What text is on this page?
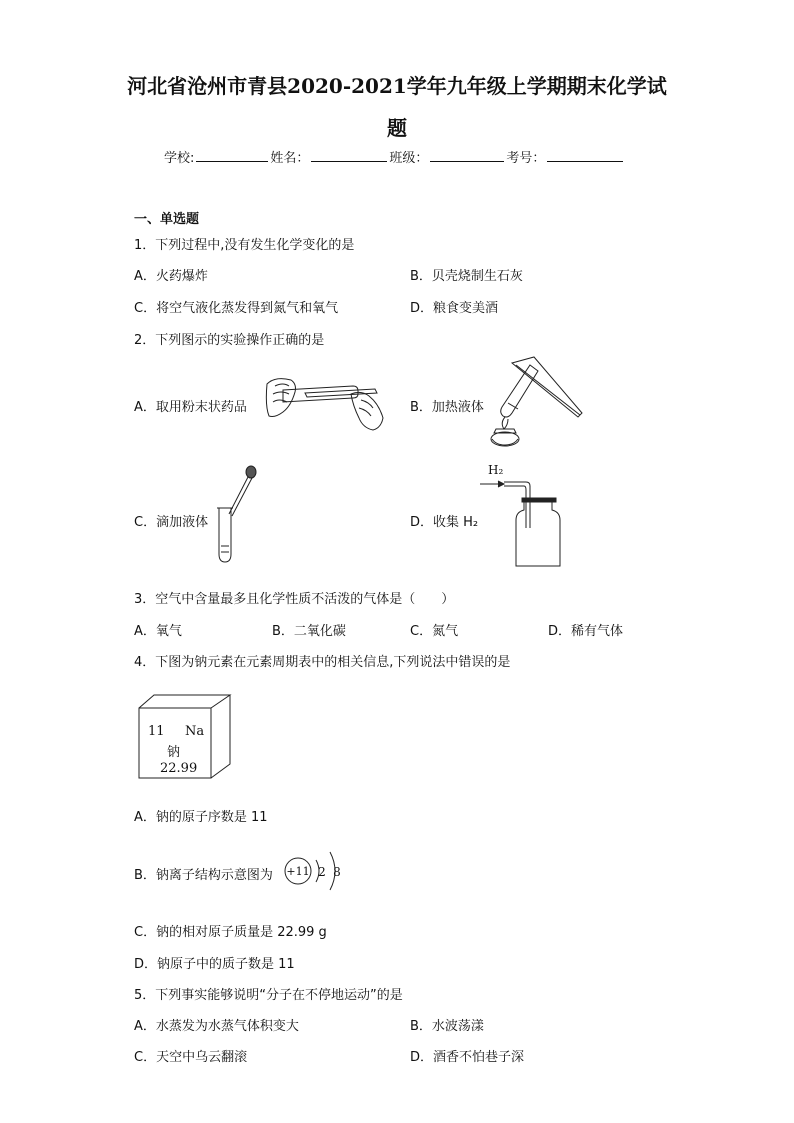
河北省沧州市青县2020-2021学年九年级上学期期末化学试
题
学校:	姓名：	班级：	考号：
一、单选题
1．下列过程中,没有发生化学变化的是
A．火药爆炸	B．贝壳烧制生石灰
C．将空气液化蒸发得到氮气和氧气	D．粮食变美酒
2．下列图示的实验操作正确的是
A．取用粉末状药品	B．加热液体
C．滴加液体	D．收集 H₂
H₂
3．空气中含量最多且化学性质不活泼的气体是（　　）
A．氧气	B．二氧化碳	C．氮气	D．稀有气体
4．下图为钠元素在元素周期表中的相关信息,下列说法中错误的是
11 Na
钠
22.99
A．钠的原子序数是 11
B．钠离子结构示意图为 +11 2 8
C．钠的相对原子质量是 22.99 g
D．钠原子中的质子数是 11
5．下列事实能够说明“分子在不停地运动”的是
A．水蒸发为水蒸气体积变大	B．水波荡漾
C．天空中乌云翻滚	D．酒香不怕巷子深
